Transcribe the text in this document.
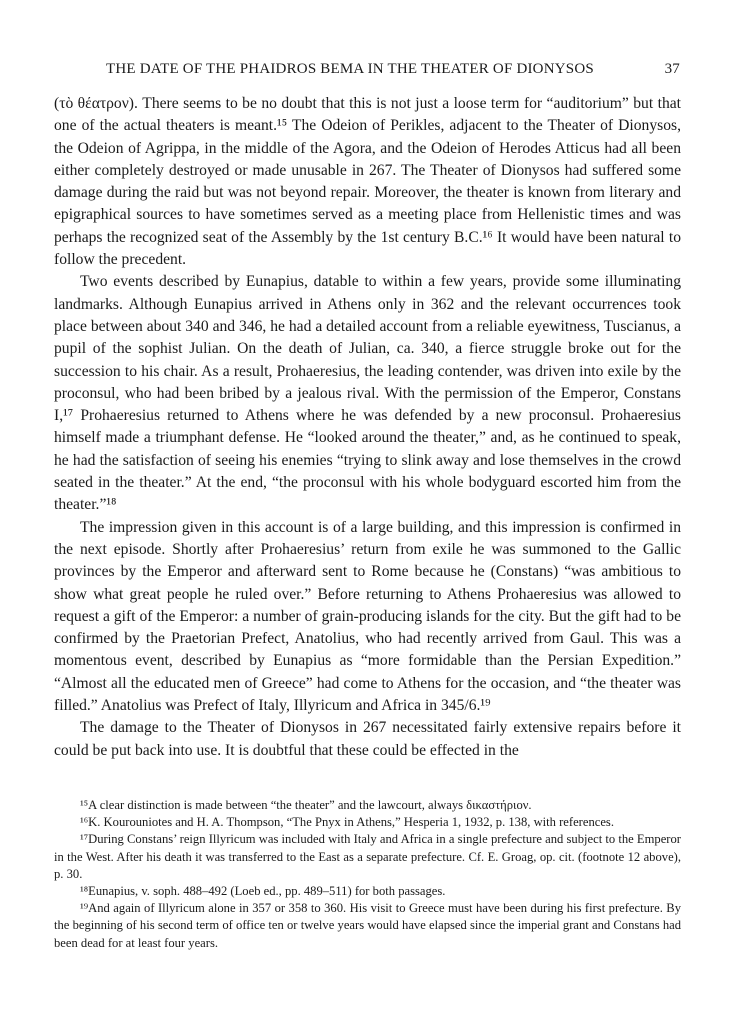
THE DATE OF THE PHAIDROS BEMA IN THE THEATER OF DIONYSOS	37

(τὸ θέατρον). There seems to be no doubt that this is not just a loose term for “auditorium” but that one of the actual theaters is meant.¹⁵ The Odeion of Perikles, adjacent to the Theater of Dionysos, the Odeion of Agrippa, in the middle of the Agora, and the Odeion of Herodes Atticus had all been either completely destroyed or made unusable in 267. The Theater of Dionysos had suffered some damage during the raid but was not beyond repair. Moreover, the theater is known from literary and epigraphical sources to have sometimes served as a meeting place from Hellenistic times and was perhaps the recognized seat of the Assembly by the 1st century B.C.¹⁶ It would have been natural to follow the precedent.

Two events described by Eunapius, datable to within a few years, provide some illuminating landmarks. Although Eunapius arrived in Athens only in 362 and the relevant occurrences took place between about 340 and 346, he had a detailed account from a reliable eyewitness, Tuscianus, a pupil of the sophist Julian. On the death of Julian, ca. 340, a fierce struggle broke out for the succession to his chair. As a result, Prohaeresius, the leading contender, was driven into exile by the proconsul, who had been bribed by a jealous rival. With the permission of the Emperor, Constans I,¹⁷ Prohaeresius returned to Athens where he was defended by a new proconsul. Prohaeresius himself made a triumphant defense. He “looked around the theater,” and, as he continued to speak, he had the satisfaction of seeing his enemies “trying to slink away and lose themselves in the crowd seated in the theater.” At the end, “the proconsul with his whole bodyguard escorted him from the theater.”¹⁸

The impression given in this account is of a large building, and this impression is confirmed in the next episode. Shortly after Prohaeresius’ return from exile he was summoned to the Gallic provinces by the Emperor and afterward sent to Rome because he (Constans) “was ambitious to show what great people he ruled over.” Before returning to Athens Prohaeresius was allowed to request a gift of the Emperor: a number of grain-producing islands for the city. But the gift had to be confirmed by the Praetorian Prefect, Anatolius, who had recently arrived from Gaul. This was a momentous event, described by Eunapius as “more formidable than the Persian Expedition.” “Almost all the educated men of Greece” had come to Athens for the occasion, and “the theater was filled.” Anatolius was Prefect of Italy, Illyricum and Africa in 345/6.¹⁹

The damage to the Theater of Dionysos in 267 necessitated fairly extensive repairs before it could be put back into use. It is doubtful that these could be effected in the

¹⁵A clear distinction is made between “the theater” and the lawcourt, always δικαστήριον.

¹⁶K. Kourouniotes and H. A. Thompson, “The Pnyx in Athens,” Hesperia 1, 1932, p. 138, with references.

¹⁷During Constans’ reign Illyricum was included with Italy and Africa in a single prefecture and subject to the Emperor in the West. After his death it was transferred to the East as a separate prefecture. Cf. E. Groag, op. cit. (footnote 12 above), p. 30.

¹⁸Eunapius, v. soph. 488–492 (Loeb ed., pp. 489–511) for both passages.

¹⁹And again of Illyricum alone in 357 or 358 to 360. His visit to Greece must have been during his first prefecture. By the beginning of his second term of office ten or twelve years would have elapsed since the imperial grant and Constans had been dead for at least four years.
